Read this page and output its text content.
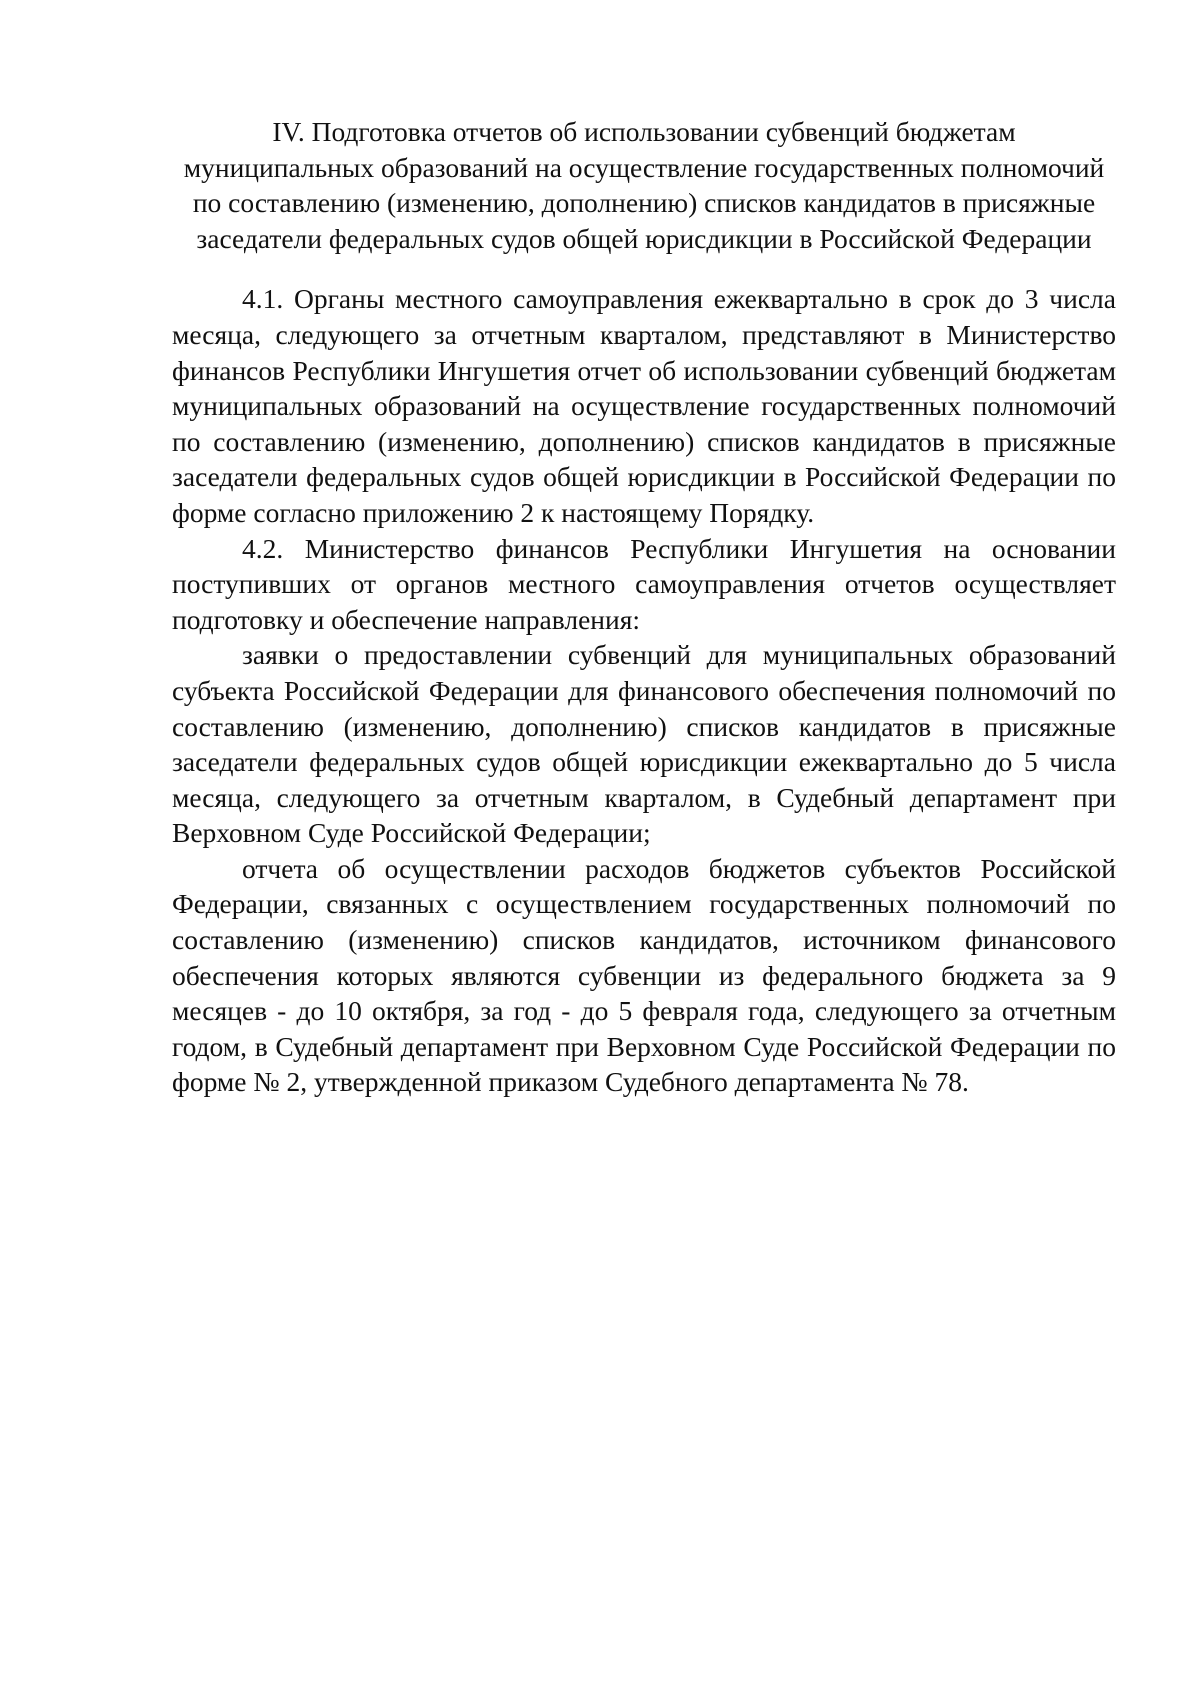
IV. Подготовка отчетов об использовании субвенций бюджетам муниципальных образований на осуществление государственных полномочий по составлению (изменению, дополнению) списков кандидатов в присяжные заседатели федеральных судов общей юрисдикции в Российской Федерации

4.1. Органы местного самоуправления ежеквартально в срок до 3 числа месяца, следующего за отчетным кварталом, представляют в Министерство финансов Республики Ингушетия отчет об использовании субвенций бюджетам муниципальных образований на осуществление государственных полномочий по составлению (изменению, дополнению) списков кандидатов в присяжные заседатели федеральных судов общей юрисдикции в Российской Федерации по форме согласно приложению 2 к настоящему Порядку.

4.2. Министерство финансов Республики Ингушетия на основании поступивших от органов местного самоуправления отчетов осуществляет подготовку и обеспечение направления:

заявки о предоставлении субвенций для муниципальных образований субъекта Российской Федерации для финансового обеспечения полномочий по составлению (изменению, дополнению) списков кандидатов в присяжные заседатели федеральных судов общей юрисдикции ежеквартально до 5 числа месяца, следующего за отчетным кварталом, в Судебный департамент при Верховном Суде Российской Федерации;

отчета об осуществлении расходов бюджетов субъектов Российской Федерации, связанных с осуществлением государственных полномочий по составлению (изменению) списков кандидатов, источником финансового обеспечения которых являются субвенции из федерального бюджета за 9 месяцев - до 10 октября, за год - до 5 февраля года, следующего за отчетным годом, в Судебный департамент при Верховном Суде Российской Федерации по форме № 2, утвержденной приказом Судебного департамента № 78.
